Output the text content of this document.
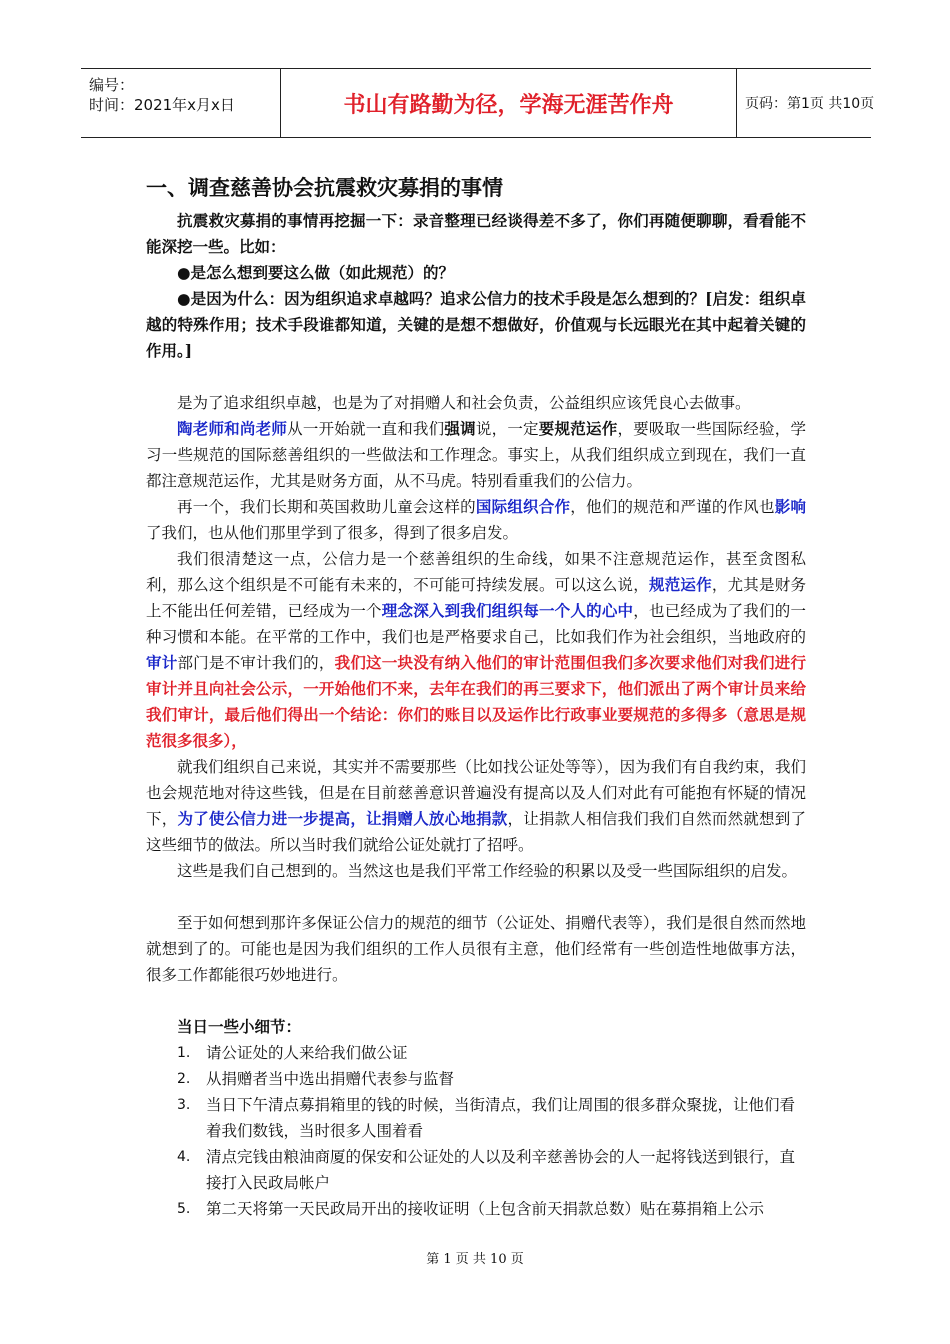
编号：
时间：2021年x月x日	书山有路勤为径，学海无涯苦作舟	页码：第1页 共10页
一、调查慈善协会抗震救灾募捐的事情

抗震救灾募捐的事情再挖掘一下：录音整理已经谈得差不多了，你们再随便聊聊，看看能不能深挖一些。比如：

●是怎么想到要这么做（如此规范）的？

●是因为什么：因为组织追求卓越吗？追求公信力的技术手段是怎么想到的？[启发：组织卓越的特殊作用；技术手段谁都知道，关键的是想不想做好，价值观与长远眼光在其中起着关键的作用。]

是为了追求组织卓越，也是为了对捐赠人和社会负责，公益组织应该凭良心去做事。

陶老师和尚老师从一开始就一直和我们强调说，一定要规范运作，要吸取一些国际经验，学习一些规范的国际慈善组织的一些做法和工作理念。事实上，从我们组织成立到现在，我们一直都注意规范运作，尤其是财务方面，从不马虎。特别看重我们的公信力。

再一个，我们长期和英国救助儿童会这样的国际组织合作，他们的规范和严谨的作风也影响了我们，也从他们那里学到了很多，得到了很多启发。

我们很清楚这一点，公信力是一个慈善组织的生命线，如果不注意规范运作，甚至贪图私利，那么这个组织是不可能有未来的，不可能可持续发展。可以这么说，规范运作，尤其是财务上不能出任何差错，已经成为一个理念深入到我们组织每一个人的心中，也已经成为了我们的一种习惯和本能。在平常的工作中，我们也是严格要求自己，比如我们作为社会组织，当地政府的审计部门是不审计我们的，我们这一块没有纳入他们的审计范围但我们多次要求他们对我们进行审计并且向社会公示，一开始他们不来，去年在我们的再三要求下，他们派出了两个审计员来给我们审计，最后他们得出一个结论：你们的账目以及运作比行政事业要规范的多得多（意思是规范很多很多），

就我们组织自己来说，其实并不需要那些（比如找公证处等等），因为我们有自我约束，我们也会规范地对待这些钱，但是在目前慈善意识普遍没有提高以及人们对此有可能抱有怀疑的情况下，为了使公信力进一步提高，让捐赠人放心地捐款，让捐款人相信我们我们自然而然就想到了这些细节的做法。所以当时我们就给公证处就打了招呼。

这些是我们自己想到的。当然这也是我们平常工作经验的积累以及受一些国际组织的启发。

至于如何想到那许多保证公信力的规范的细节（公证处、捐赠代表等），我们是很自然而然地就想到了的。可能也是因为我们组织的工作人员很有主意，他们经常有一些创造性地做事方法，很多工作都能很巧妙地进行。

当日一些小细节：
1. 请公证处的人来给我们做公证
2. 从捐赠者当中选出捐赠代表参与监督
3. 当日下午清点募捐箱里的钱的时候，当街清点，我们让周围的很多群众聚拢，让他们看着我们数钱，当时很多人围着看
4. 清点完钱由粮油商厦的保安和公证处的人以及利辛慈善协会的人一起将钱送到银行，直接打入民政局帐户
5. 第二天将第一天民政局开出的接收证明（上包含前天捐款总数）贴在募捐箱上公示
第 1 页 共 10 页
